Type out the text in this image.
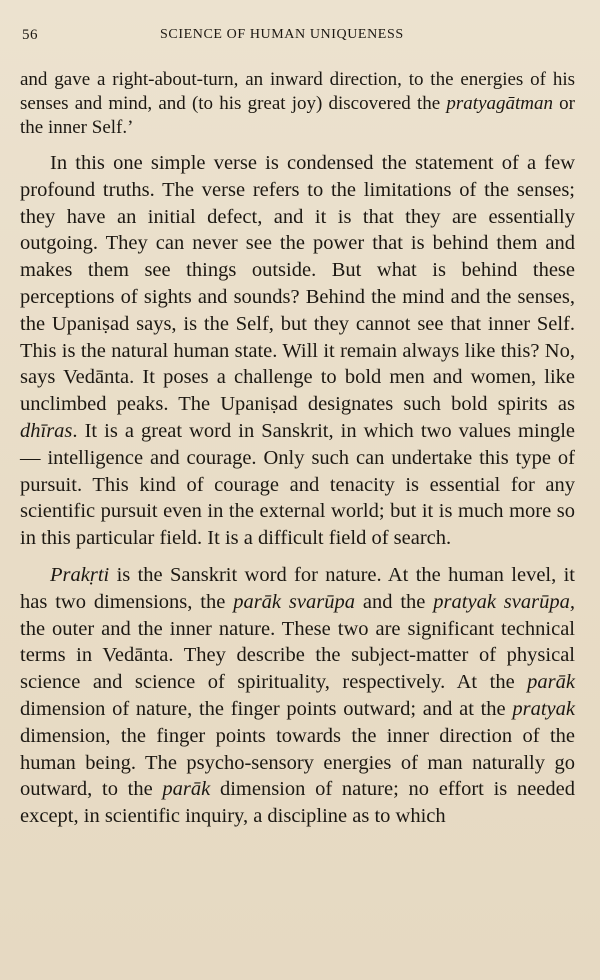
56	SCIENCE OF HUMAN UNIQUENESS

and gave a right-about-turn, an inward direction, to the energies of his senses and mind, and (to his great joy) discovered the pratyagātman or the inner Self.’

In this one simple verse is condensed the statement of a few profound truths. The verse refers to the limitations of the senses; they have an initial defect, and it is that they are essentially outgoing. They can never see the power that is behind them and makes them see things outside. But what is behind these perceptions of sights and sounds? Behind the mind and the senses, the Upaniṣad says, is the Self, but they cannot see that inner Self. This is the natural human state. Will it remain always like this? No, says Vedānta. It poses a challenge to bold men and women, like unclimbed peaks. The Upaniṣad designates such bold spirits as dhīras. It is a great word in Sanskrit, in which two values mingle — intelligence and courage. Only such can undertake this type of pursuit. This kind of courage and tenacity is essential for any scientific pursuit even in the external world; but it is much more so in this particular field. It is a difficult field of search.

Prakṛti is the Sanskrit word for nature. At the human level, it has two dimensions, the parāk svarūpa and the pratyak svarūpa, the outer and the inner nature. These two are significant technical terms in Vedānta. They describe the subject-matter of physical science and science of spirituality, respectively. At the parāk dimension of nature, the finger points outward; and at the pratyak dimension, the finger points towards the inner direction of the human being. The psycho-sensory energies of man naturally go outward, to the parāk dimension of nature; no effort is needed except, in scientific inquiry, a discipline as to which
